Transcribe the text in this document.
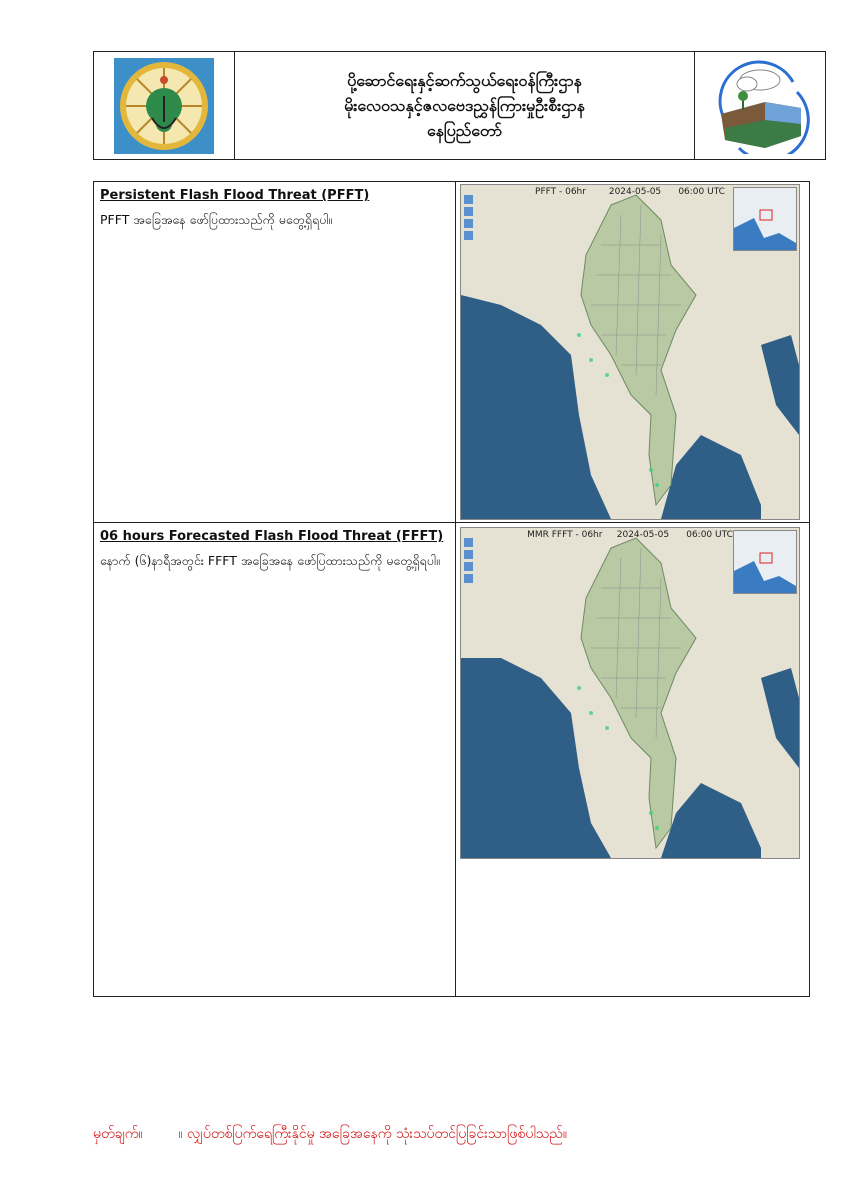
ပို့ဆောင်ရေးနှင့်ဆက်သွယ်ရေးဝန်ကြီးဌာန
မိုးလေဝသနှင့်ဇလဗေဒညွှန်ကြားမှုဦးစီးဌာန
နေပြည်တော်
Persistent Flash Flood Threat (PFFT)
PFFT အခြေအနေ ဖော်ပြထားသည်ကို မတွေ့ရှိရပါ။
PFFT - 06hr        2024-05-05      06:00 UTC
06 hours Forecasted Flash Flood Threat (FFFT)
နောက် (၆)နာရီအတွင်း FFFT အခြေအနေ ဖော်ပြထားသည်ကို မတွေ့ရှိရပါ။
MMR FFFT - 06hr     2024-05-05      06:00 UTC
မှတ်ချက်။	။ လျှပ်တစ်ပြက်ရေကြီးနိုင်မှု အခြေအနေကို သုံးသပ်တင်ပြခြင်းသာဖြစ်ပါသည်။
